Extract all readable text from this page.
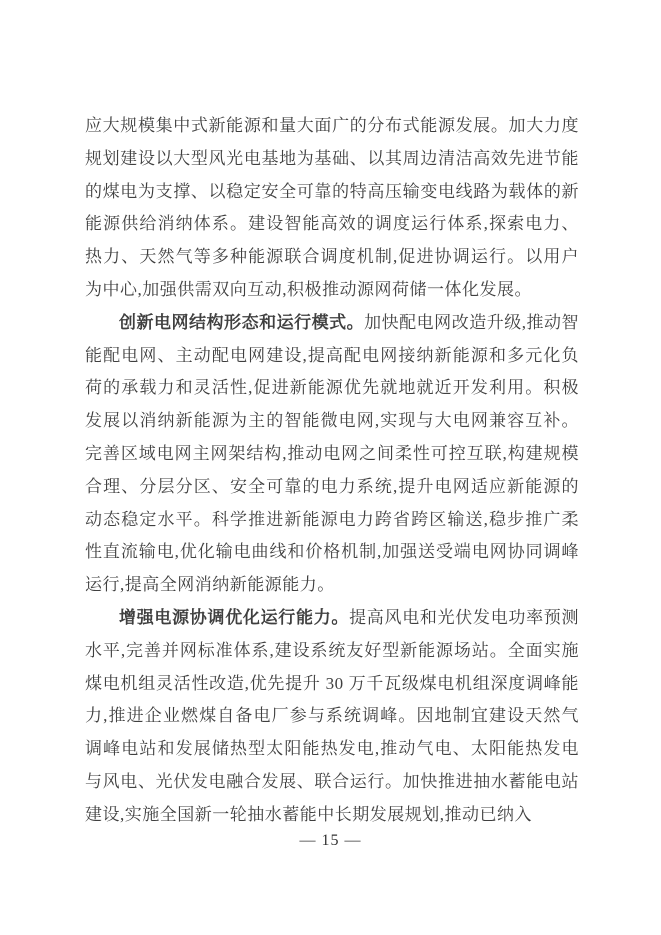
应大规模集中式新能源和量大面广的分布式能源发展。加大力度规划建设以大型风光电基地为基础、以其周边清洁高效先进节能的煤电为支撑、以稳定安全可靠的特高压输变电线路为载体的新能源供给消纳体系。建设智能高效的调度运行体系,探索电力、热力、天然气等多种能源联合调度机制,促进协调运行。以用户为中心,加强供需双向互动,积极推动源网荷储一体化发展。

创新电网结构形态和运行模式。加快配电网改造升级,推动智能配电网、主动配电网建设,提高配电网接纳新能源和多元化负荷的承载力和灵活性,促进新能源优先就地就近开发利用。积极发展以消纳新能源为主的智能微电网,实现与大电网兼容互补。完善区域电网主网架结构,推动电网之间柔性可控互联,构建规模合理、分层分区、安全可靠的电力系统,提升电网适应新能源的动态稳定水平。科学推进新能源电力跨省跨区输送,稳步推广柔性直流输电,优化输电曲线和价格机制,加强送受端电网协同调峰运行,提高全网消纳新能源能力。

增强电源协调优化运行能力。提高风电和光伏发电功率预测水平,完善并网标准体系,建设系统友好型新能源场站。全面实施煤电机组灵活性改造,优先提升 30 万千瓦级煤电机组深度调峰能力,推进企业燃煤自备电厂参与系统调峰。因地制宜建设天然气调峰电站和发展储热型太阳能热发电,推动气电、太阳能热发电与风电、光伏发电融合发展、联合运行。加快推进抽水蓄能电站建设,实施全国新一轮抽水蓄能中长期发展规划,推动已纳入

— 15 —
